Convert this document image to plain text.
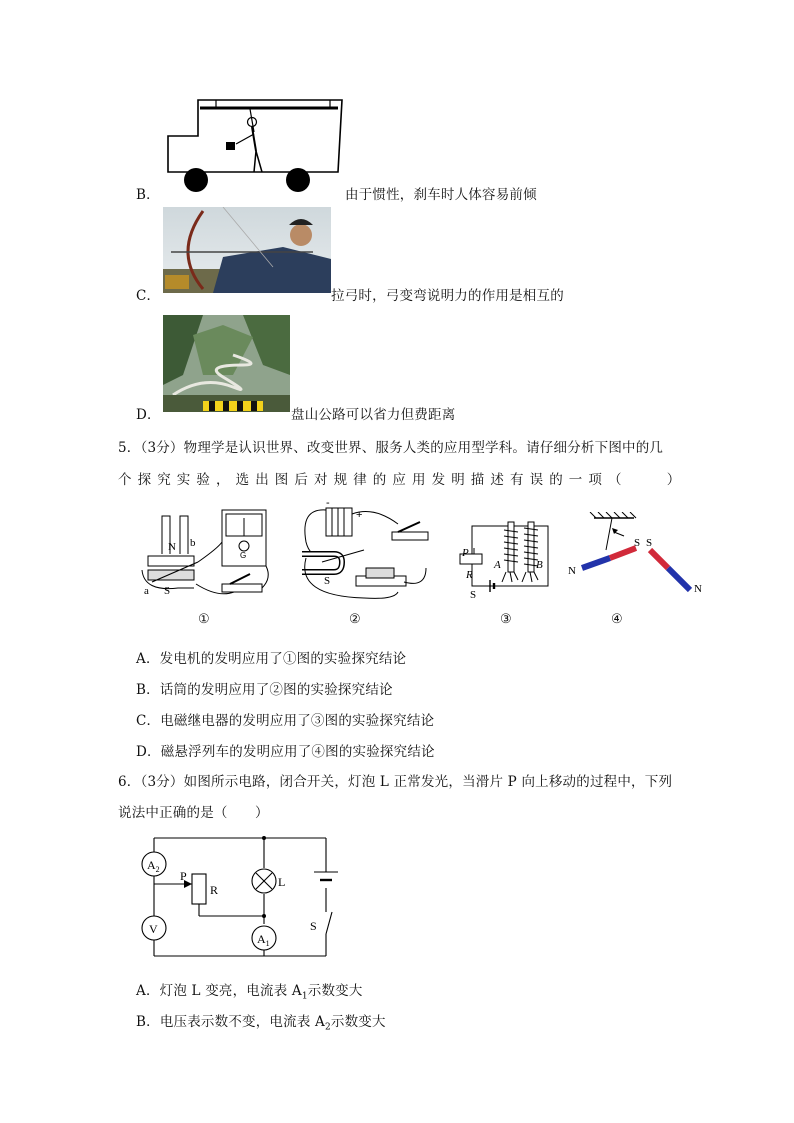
B．	由于惯性，刹车时人体容易前倾
C．	拉弓时，弓变弯说明力的作用是相互的
D．	盘山公路可以省力但费距离
5．（3分）物理学是认识世界、改变世界、服务人类的应用型学科。请仔细分析下图中的几
个探究实验，选出图后对规律的应用发明描述有误的一项（　　）
N
S
a
b
G
-
+
S
P
R
A	B
S
N
S S
N
①	②	③	④
A．发电机的发明应用了①图的实验探究结论
B．话筒的发明应用了②图的实验探究结论
C．电磁继电器的发明应用了③图的实验探究结论
D．磁悬浮列车的发明应用了④图的实验探究结论
6．（3分）如图所示电路，闭合开关，灯泡 L 正常发光，当滑片 P 向上移动的过程中，下列
说法中正确的是（　　）
$A_2$
V
$A_1$
P
R
L
S
A．灯泡 L 变亮，电流表 $A_1$示数变大
B．电压表示数不变，电流表 $A_2$示数变大
